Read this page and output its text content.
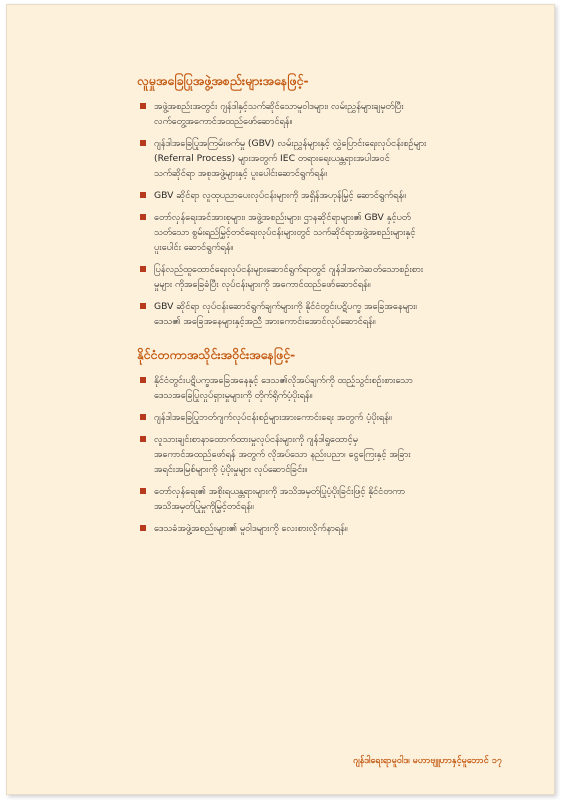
လူမှုအခြေပြုအဖွဲ့အစည်းများအနေဖြင့်-
အဖွဲ့အစည်းအတွင်း ဂျန်ဒါနှင့်သက်ဆိုင်သောမူဝါဒများ၊ လမ်းညွှန်များချမှတ်ပြီး လက်တွေ့အကောင်အထည်ဖော်ဆောင်ရန်။
ဂျန်ဒါအခြေပြုအကြမ်းဖက်မှု (GBV) လမ်းညွှန်များနှင့် လွှဲပြောင်းရေးလုပ်ငန်းစဉ်များ (Referral Process) များအတွက် IEC တရားရေးယန္တရားအပါအဝင် သက်ဆိုင်ရာ အစုအဖွဲ့များနှင့် ပူးပေါင်းဆောင်ရွက်ရန်။
GBV ဆိုင်ရာ လူထုပညာပေးလုပ်ငန်းများကို အရှိန်အဟုန်မြှင့် ဆောင်ရွက်ရန်။
တော်လှန်ရေးအင်အားစုများ၊ အဖွဲ့အစည်းများ၊ ဌာနဆိုင်ရာများ၏ GBV နှင့်ပတ်သတ်သော စွမ်းရည်မြှင့်တင်ရေးလုပ်ငန်းများတွင် သက်ဆိုင်ရာအဖွဲ့အစည်းများနှင့် ပူးပေါင်း ဆောင်ရွက်ရန်။
ပြန်လည်ထူထောင်ရေးလုပ်ငန်းများဆောင်ရွက်ရာတွင် ဂျန်ဒါအကဲဆတ်သောစဉ်းစားမှုများ ကိုအခြေခံပြီး လုပ်ငန်းများကို အကောင်ထည်ဖော်ဆောင်ရန်။
GBV ဆိုင်ရာ လုပ်ငန်းဆောင်ရွက်ချက်များကို နိုင်ငံတွင်းပဋိပက္ခ အခြေအနေများ၊ ဒေသ၏ အခြေအနေများနှင့်အညီ အားကောင်းအောင်လုပ်ဆောင်ရန်။
နိုင်ငံတကာအသိုင်းအဝိုင်းအနေဖြင့်-
နိုင်ငံတွင်းပဋိပက္ခအခြေအနေနှင့် ဒေသ၏လိုအပ်ချက်ကို ထည့်သွင်းစဉ်းစားသော ဒေသအခြေပြုလှုပ်ရှားမှုများကို တိုက်ရိုက်ပံ့ပိုးရန်။
ဂျန်ဒါအခြေပြုဘတ်ဂျက်လုပ်ငန်းစဉ်များအားကောင်းရေး အတွက် ပံ့ပိုးရန်။
လူသားချင်းစာနာထောက်ထားမှုလုပ်ငန်းများကို ဂျန်ဒါရှုထောင့်မှ အကောင်အထည်ဖော်ရန် အတွက် လိုအပ်သော နည်းပညာ၊ ငွေကြေးနှင့် အခြားအရင်းအမြစ်များကို ပံ့ပိုးမှုများ လုပ်ဆောင်ခြင်း။
တော်လှန်ရေး၏ အစိုးရယန္တရားများကို အသိအမှတ်ပြုပံ့ပိုးခြင်းဖြင့် နိုင်ငံတကာ အသိအမှတ်ပြုမှုကိုမြှင့်တင်ရန်။
ဒေသခံအဖွဲ့အစည်းများ၏ မူဝါဒများကို လေးစားလိုက်နာရန်။
ဂျန်ဒါရေးရာမူဝါဒ၊ မဟာဗျူဟာနှင့်မူဘောင် ၁၇
